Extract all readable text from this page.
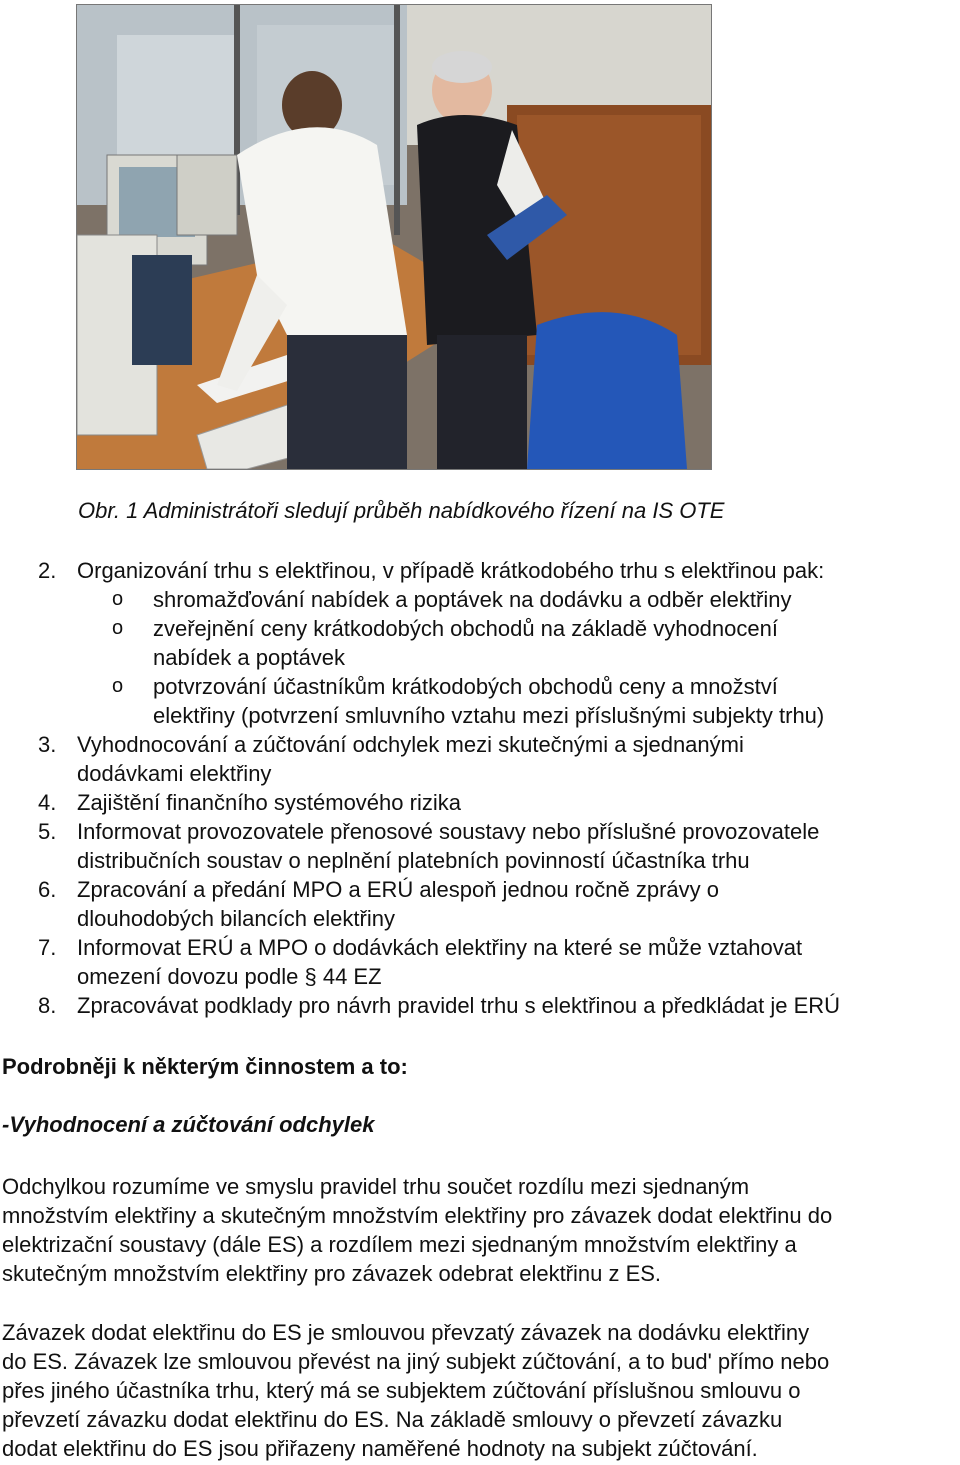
Obr. 1 Administrátoři sledují průběh nabídkového řízení na IS OTE
2. Organizování trhu s elektřinou, v případě krátkodobého trhu s elektřinou pak:
o shromažďování nabídek a poptávek na dodávku a odběr elektřiny
o zveřejnění ceny krátkodobých obchodů na základě vyhodnocení
nabídek a poptávek
o potvrzování účastníkům krátkodobých obchodů ceny a množství
elektřiny (potvrzení smluvního vztahu mezi příslušnými subjekty trhu)
3. Vyhodnocování a zúčtování odchylek mezi skutečnými a sjednanými
dodávkami elektřiny
4. Zajištění finančního systémového rizika
5. Informovat provozovatele přenosové soustavy nebo příslušné provozovatele
distribučních soustav o neplnění platebních povinností účastníka trhu
6. Zpracování a předání MPO a ERÚ alespoň jednou ročně zprávy o
dlouhodobých bilancích elektřiny
7. Informovat ERÚ a MPO o dodávkách elektřiny na které se může vztahovat
omezení dovozu podle § 44 EZ
8. Zpracovávat podklady pro návrh pravidel trhu s elektřinou a předkládat je ERÚ
Podrobněji k některým činnostem a to:
-Vyhodnocení a zúčtování odchylek
Odchylkou rozumíme ve smyslu pravidel trhu součet rozdílu mezi sjednaným
množstvím elektřiny a skutečným množstvím elektřiny pro závazek dodat elektřinu do
elektrizační soustavy (dále ES) a rozdílem mezi sjednaným množstvím elektřiny a
skutečným množstvím elektřiny pro závazek odebrat elektřinu z ES.
Závazek dodat elektřinu do ES je smlouvou převzatý závazek na dodávku elektřiny
do ES. Závazek lze smlouvou převést na jiný subjekt zúčtování, a to bud' přímo nebo
přes jiného účastníka trhu, který má se subjektem zúčtování příslušnou smlouvu o
převzetí závazku dodat elektřinu do ES. Na základě smlouvy o převzetí závazku
dodat elektřinu do ES jsou přiřazeny naměřené hodnoty na subjekt zúčtování.
